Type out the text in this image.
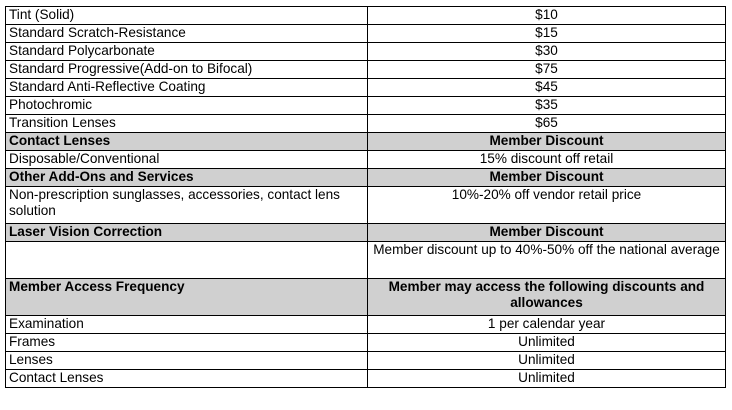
Tint (Solid)	$10
Standard Scratch-Resistance	$15
Standard Polycarbonate	$30
Standard Progressive(Add-on to Bifocal)	$75
Standard Anti-Reflective Coating	$45
Photochromic	$35
Transition Lenses	$65
Contact Lenses	Member Discount
Disposable/Conventional	15% discount off retail
Other Add-Ons and Services	Member Discount
Non-prescription sunglasses, accessories, contact lens solution	10%-20% off vendor retail price
Laser Vision Correction	Member Discount
	Member discount up to 40%-50% off the national average
Member Access Frequency	Member may access the following discounts and allowances
Examination	1 per calendar year
Frames	Unlimited
Lenses	Unlimited
Contact Lenses	Unlimited
